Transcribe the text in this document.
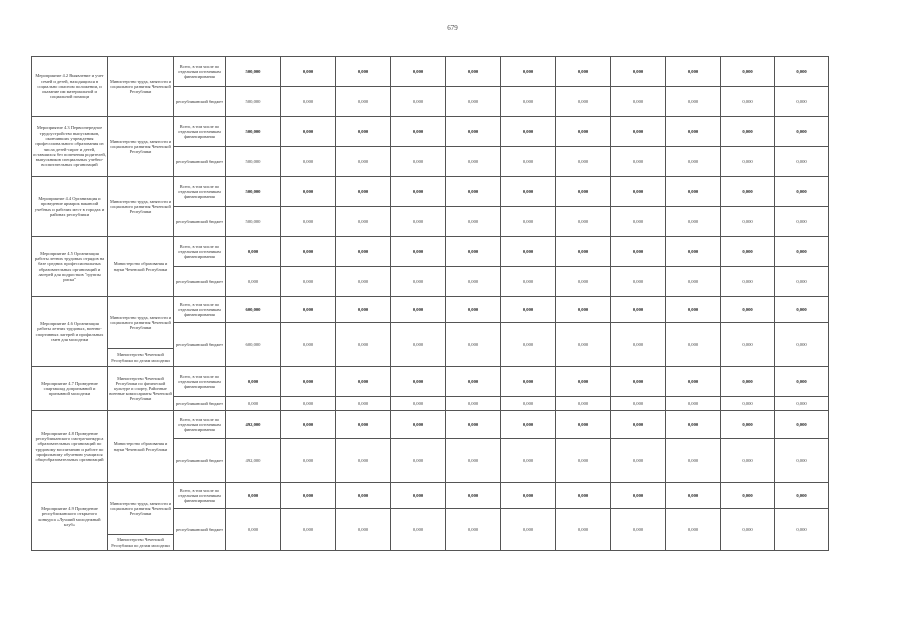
679
Мероприятие 4.2 Выявление и учет семей и детей, находящихся в социально опасном положении, и оказание им материальной и социальной помощи	Министерство труда, занятости и социального развития Чеченской Республики	Всего, в том числе по отдельным источникам финансирования	500,000	0,000	0,000	0,000	0,000	0,000	0,000	0,000	0,000	0,000	0,000
		республиканский бюджет	500,000	0,000	0,000	0,000	0,000	0,000	0,000	0,000	0,000	0,000	0,000
Мероприятие 4.3 Первоочередное трудоустройство выпускников, окончивших учреждения профессионального образования из числа детей-сирот и детей, оставшихся без попечения родителей, выпускников специальных учебно-воспитательных организаций	Министерство труда, занятости и социального развития Чеченской Республики	Всего, в том числе по отдельным источникам финансирования	500,000	0,000	0,000	0,000	0,000	0,000	0,000	0,000	0,000	0,000	0,000
		республиканский бюджет	500,000	0,000	0,000	0,000	0,000	0,000	0,000	0,000	0,000	0,000	0,000
Мероприятие 4.4 Организация и проведение ярмарок вакансий учебных и рабочих мест в городах и районах республики	Министерство труда, занятости и социального развития Чеченской Республики	Всего, в том числе по отдельным источникам финансирования	500,000	0,000	0,000	0,000	0,000	0,000	0,000	0,000	0,000	0,000	0,000
		республиканский бюджет	500,000	0,000	0,000	0,000	0,000	0,000	0,000	0,000	0,000	0,000	0,000
Мероприятие 4.5 Организация работы летних трудовых отрядов на базе средних профессиональных образовательных организаций и лагерей для подростков "группы риска"	Министерство образования и науки Чеченской Республики	Всего, в том числе по отдельным источникам финансирования	0,000	0,000	0,000	0,000	0,000	0,000	0,000	0,000	0,000	0,000	0,000
		республиканский бюджет	0,000	0,000	0,000	0,000	0,000	0,000	0,000	0,000	0,000	0,000	0,000
Мероприятие 4.6 Организация работы летних трудовых, военно-спортивных лагерей и профильных смен для молодежи	Министерство труда, занятости и социального развития Чеченской Республики	Всего, в том числе по отдельным источникам финансирования	600,000	0,000	0,000	0,000	0,000	0,000	0,000	0,000	0,000	0,000	0,000
		республиканский бюджет	600,000	0,000	0,000	0,000	0,000	0,000	0,000	0,000	0,000	0,000	0,000
	Министерство Чеченской Республики по делам молодежи												
Мероприятие 4.7 Проведение спартакиад допризывной и призывной молодежи	Министерство Чеченской Республики по физической культуре и спорту, Районные военные комиссариаты Чеченской Республики	Всего, в том числе по отдельным источникам финансирования	0,000	0,000	0,000	0,000	0,000	0,000	0,000	0,000	0,000	0,000	0,000
		республиканский бюджет	0,000	0,000	0,000	0,000	0,000	0,000	0,000	0,000	0,000	0,000	0,000
Мероприятие 4.8 Проведение республиканского смотра-конкурса образовательных организаций по трудовому воспитанию и работе по профильному обучению учащихся общеобразовательных организаций	Министерство образования и науки Чеченской Республики	Всего, в том числе по отдельным источникам финансирования	492,000	0,000	0,000	0,000	0,000	0,000	0,000	0,000	0,000	0,000	0,000
		республиканский бюджет	492,000	0,000	0,000	0,000	0,000	0,000	0,000	0,000	0,000	0,000	0,000
Мероприятие 4.9 Проведение республиканского открытого конкурса «Лучший молодежный клуб»	Министерство труда, занятости и социального развития Чеченской Республики	Всего, в том числе по отдельным источникам финансирования	0,000	0,000	0,000	0,000	0,000	0,000	0,000	0,000	0,000	0,000	0,000
		республиканский бюджет	0,000	0,000	0,000	0,000	0,000	0,000	0,000	0,000	0,000	0,000	0,000
	Министерство Чеченской Республики по делам молодежи												
